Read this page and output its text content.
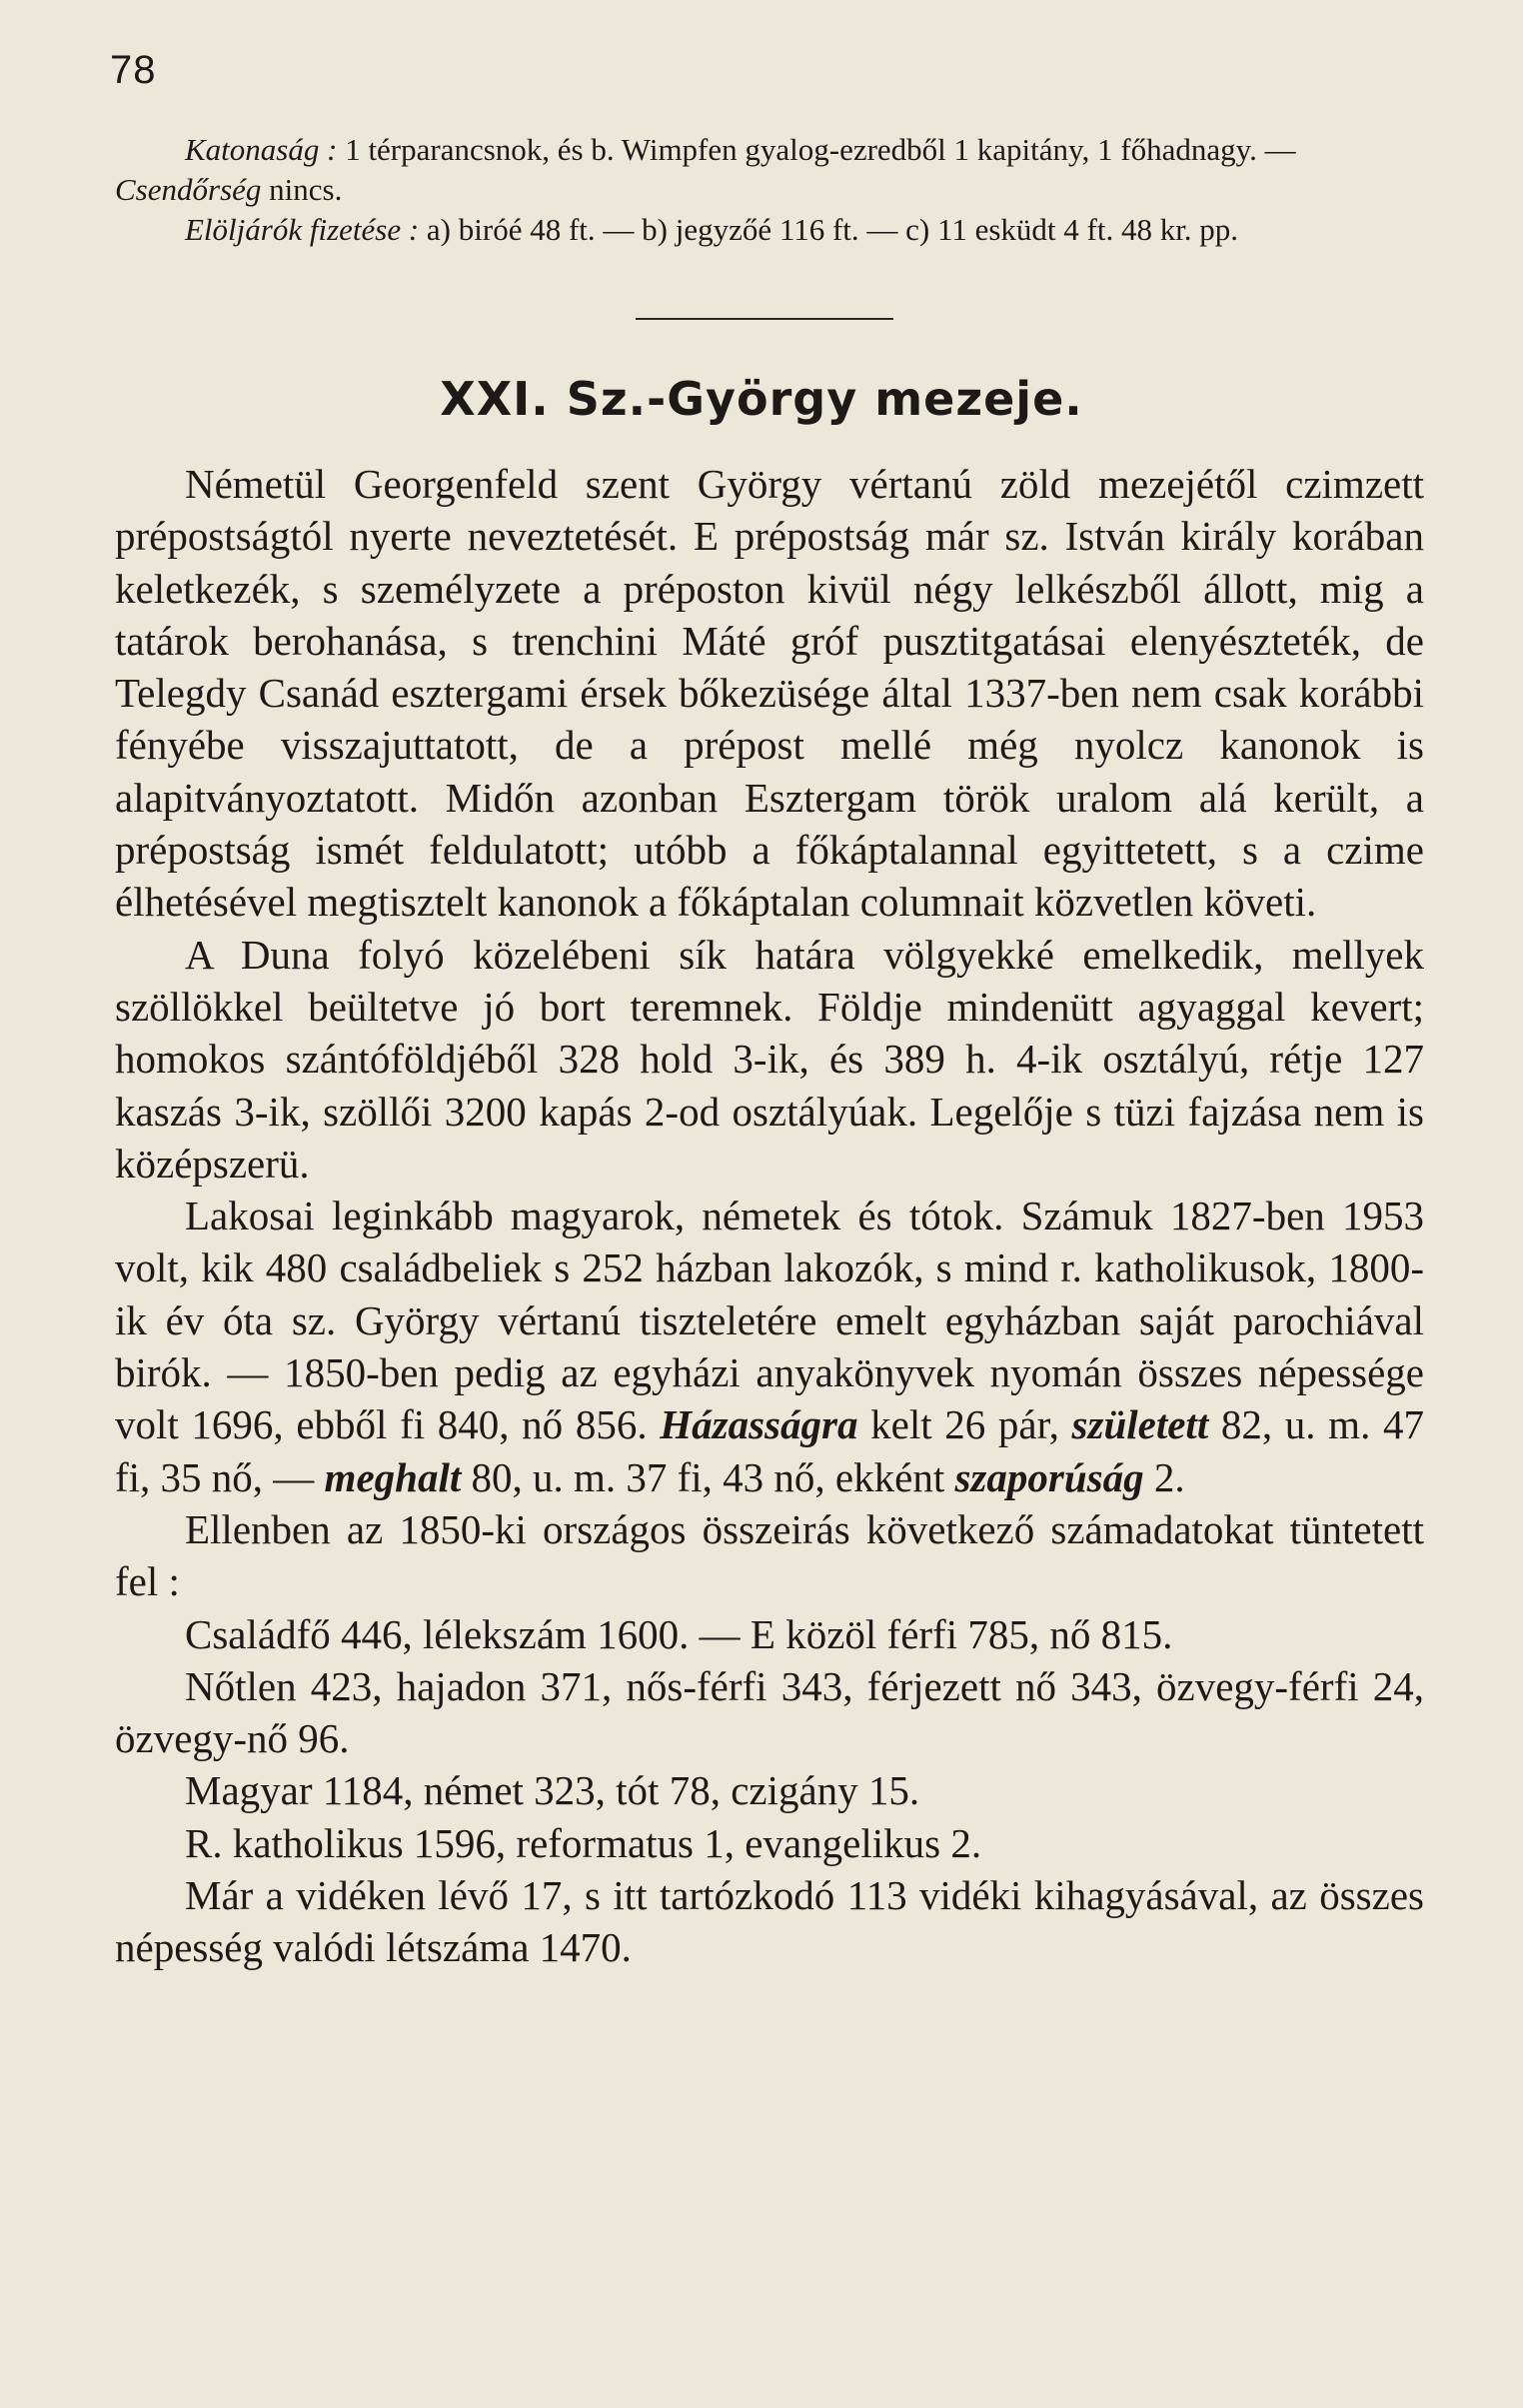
78

Katonaság : 1 térparancsnok, és b. Wimpfen gyalog-ezredből 1 kapitány, 1 főhadnagy. — Csendőrség nincs.

Elöljárók fizetése : a) biróé 48 ft. — b) jegyzőé 116 ft. — c) 11 esküdt 4 ft. 48 kr. pp.

XXI. Sz.-György mezeje.

Németül Georgenfeld szent György vértanú zöld mezejétől czimzett prépostságtól nyerte neveztetését. E prépostság már sz. István király korában keletkezék, s személyzete a préposton kivül négy lelkészből állott, mig a tatárok berohanása, s trenchini Máté gróf pusztitgatásai elenyészteték, de Telegdy Csanád esztergami érsek bőkezüsége által 1337-ben nem csak korábbi fényébe visszajuttatott, de a prépost mellé még nyolcz kanonok is alapitványoztatott. Midőn azonban Esztergam török uralom alá került, a prépostság ismét feldulatott; utóbb a főkáptalannal egyittetett, s a czime élhetésével megtisztelt kanonok a főkáptalan columnait közvetlen követi.

A Duna folyó közelébeni sík határa völgyekké emelkedik, mellyek szöllökkel beültetve jó bort teremnek. Földje mindenütt agyaggal kevert; homokos szántóföldjéből 328 hold 3-ik, és 389 h. 4-ik osztályú, rétje 127 kaszás 3-ik, szöllői 3200 kapás 2-od osztályúak. Legelője s tüzi fajzása nem is középszerü.

Lakosai leginkább magyarok, németek és tótok. Számuk 1827-ben 1953 volt, kik 480 családbeliek s 252 házban lakozók, s mind r. katholikusok, 1800-ik év óta sz. György vértanú tiszteletére emelt egyházban saját parochiával birók. — 1850-ben pedig az egyházi anyakönyvek nyomán összes népessége volt 1696, ebből fi 840, nő 856. Házasságra kelt 26 pár, született 82, u. m. 47 fi, 35 nő, — meghalt 80, u. m. 37 fi, 43 nő, ekként szaporúság 2.

Ellenben az 1850-ki országos összeirás következő számadatokat tüntetett fel :

Családfő 446, lélekszám 1600. — E közöl férfi 785, nő 815.

Nőtlen 423, hajadon 371, nős-férfi 343, férjezett nő 343, özvegy-férfi 24, özvegy-nő 96.

Magyar 1184, német 323, tót 78, czigány 15.

R. katholikus 1596, reformatus 1, evangelikus 2.

Már a vidéken lévő 17, s itt tartózkodó 113 vidéki kihagyásával, az összes népesség valódi létszáma 1470.
